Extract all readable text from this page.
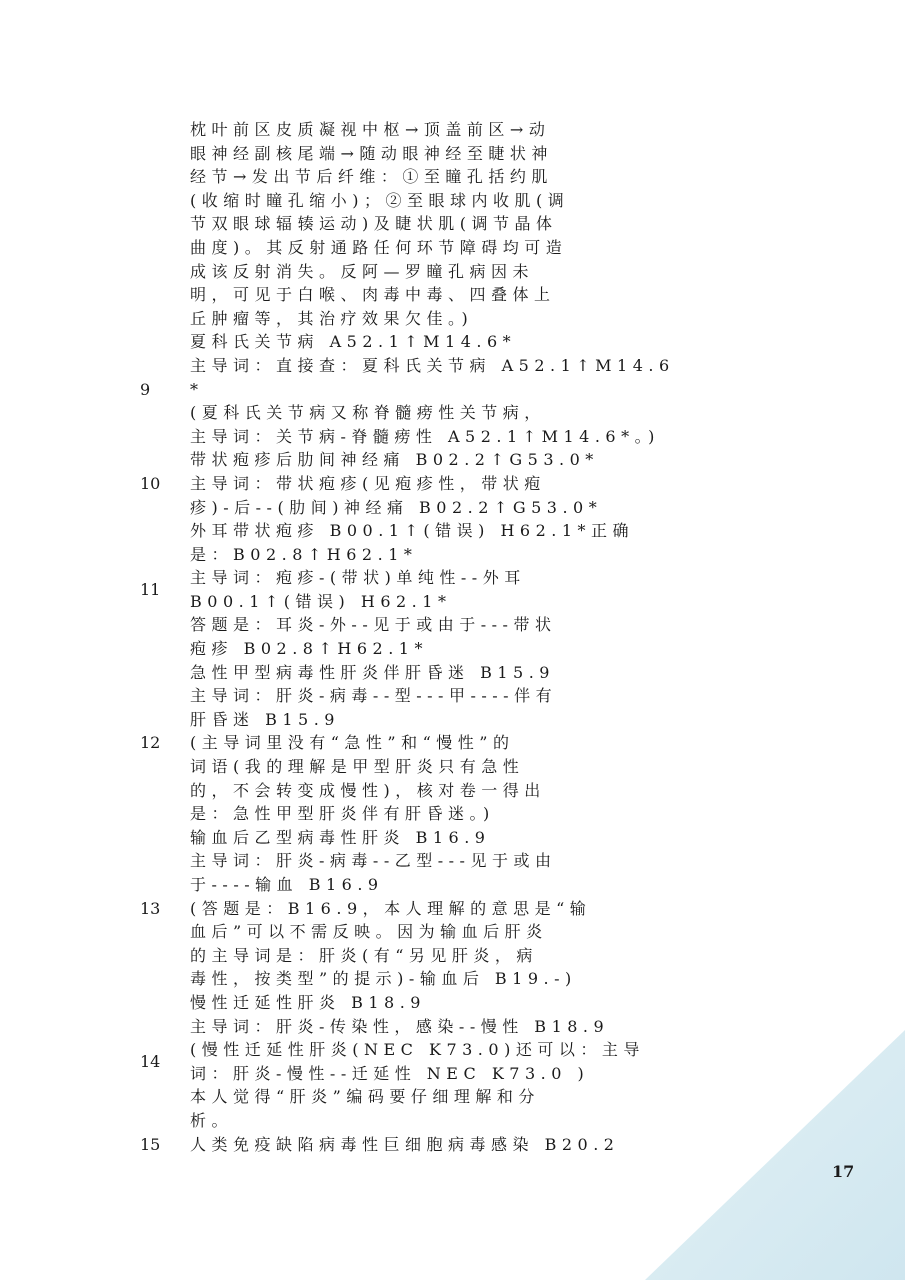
枕叶前区皮质凝视中枢→顶盖前区→动
眼神经副核尾端→随动眼神经至睫状神
经节→发出节后纤维：①至瞳孔括约肌
(收缩时瞳孔缩小)；②至眼球内收肌(调
节双眼球辐辏运动)及睫状肌(调节晶体
曲度)。其反射通路任何环节障碍均可造
成该反射消失。反阿—罗瞳孔病因未
明，可见于白喉、肉毒中毒、四叠体上
丘肿瘤等，其治疗效果欠佳。)
9
夏科氏关节病 A52.1↑M14.6*
主导词：直接查：夏科氏关节病 A52.1↑M14.6
*
(夏科氏关节病又称脊髓痨性关节病，
主导词：关节病-脊髓痨性 A52.1↑M14.6*。)
10
带状疱疹后肋间神经痛 B02.2↑G53.0*
主导词：带状疱疹(见疱疹性，带状疱
疹)-后--(肋间)神经痛 B02.2↑G53.0*
11
外耳带状疱疹 B00.1↑(错误) H62.1*正确
是：B02.8↑H62.1*
主导词：疱疹-(带状)单纯性--外耳
B00.1↑(错误) H62.1*
答题是：耳炎-外--见于或由于---带状
疱疹 B02.8↑H62.1*
12
急性甲型病毒性肝炎伴肝昏迷 B15.9
主导词：肝炎-病毒--型---甲----伴有
肝昏迷 B15.9
(主导词里没有“急性”和“慢性”的
词语(我的理解是甲型肝炎只有急性
的，不会转变成慢性)，核对卷一得出
是：急性甲型肝炎伴有肝昏迷。)
13
输血后乙型病毒性肝炎 B16.9
主导词：肝炎-病毒--乙型---见于或由
于----输血 B16.9
(答题是：B16.9，本人理解的意思是“输
血后”可以不需反映。因为输血后肝炎
的主导词是：肝炎(有“另见肝炎，病
毒性，按类型”的提示)-输血后 B19.-)
14
慢性迁延性肝炎 B18.9
主导词：肝炎-传染性，感染--慢性 B18.9
(慢性迁延性肝炎(NEC K73.0)还可以：主导
词：肝炎-慢性--迁延性 NEC K73.0 )
本人觉得“肝炎”编码要仔细理解和分
析。
15	人类免疫缺陷病毒性巨细胞病毒感染 B20.2
17
